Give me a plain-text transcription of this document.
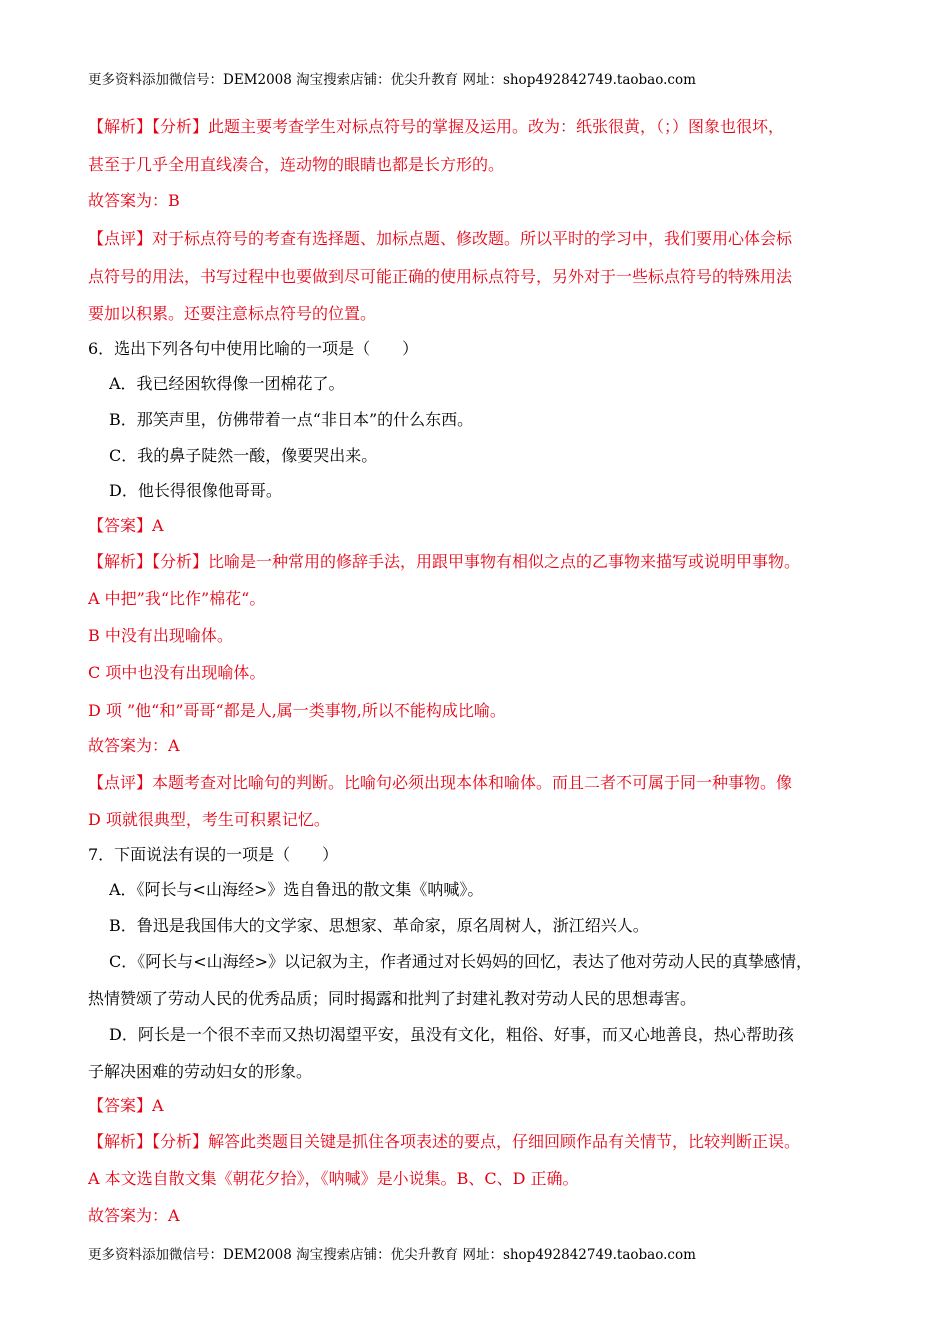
更多资料添加微信号：DEM2008 淘宝搜索店铺：优尖升教育 网址：shop492842749.taobao.com
【解析】【分析】此题主要考查学生对标点符号的掌握及运用。改为：纸张很黄，（；）图象也很坏，
甚至于几乎全用直线凑合，连动物的眼睛也都是长方形的。
故答案为：B
【点评】对于标点符号的考查有选择题、加标点题、修改题。所以平时的学习中，我们要用心体会标
点符号的用法，书写过程中也要做到尽可能正确的使用标点符号，另外对于一些标点符号的特殊用法
要加以积累。还要注意标点符号的位置。
6．选出下列各句中使用比喻的一项是（　　）
A．我已经困软得像一团棉花了。
B．那笑声里，仿佛带着一点“非日本”的什么东西。
C．我的鼻子陡然一酸，像要哭出来。
D．他长得很像他哥哥。
【答案】A
【解析】【分析】比喻是一种常用的修辞手法，用跟甲事物有相似之点的乙事物来描写或说明甲事物。
A 中把”我“比作”棉花“。
B 中没有出现喻体。
C 项中也没有出现喻体。
D 项 ”他“和”哥哥“都是人,属一类事物,所以不能构成比喻。
故答案为：A
【点评】本题考查对比喻句的判断。比喻句必须出现本体和喻体。而且二者不可属于同一种事物。像
D 项就很典型，考生可积累记忆。
7．下面说法有误的一项是（　　）
A．《阿长与<山海经>》选自鲁迅的散文集《呐喊》。
B．鲁迅是我国伟大的文学家、思想家、革命家，原名周树人，浙江绍兴人。
C．《阿长与<山海经>》以记叙为主，作者通过对长妈妈的回忆，表达了他对劳动人民的真挚感情，
热情赞颂了劳动人民的优秀品质；同时揭露和批判了封建礼教对劳动人民的思想毒害。
D．阿长是一个很不幸而又热切渴望平安，虽没有文化，粗俗、好事，而又心地善良，热心帮助孩
子解决困难的劳动妇女的形象。
【答案】A
【解析】【分析】解答此类题目关键是抓住各项表述的要点，仔细回顾作品有关情节，比较判断正误。
A 本文选自散文集《朝花夕拾》，《呐喊》是小说集。B、C、D 正确。
故答案为：A
更多资料添加微信号：DEM2008 淘宝搜索店铺：优尖升教育 网址：shop492842749.taobao.com
